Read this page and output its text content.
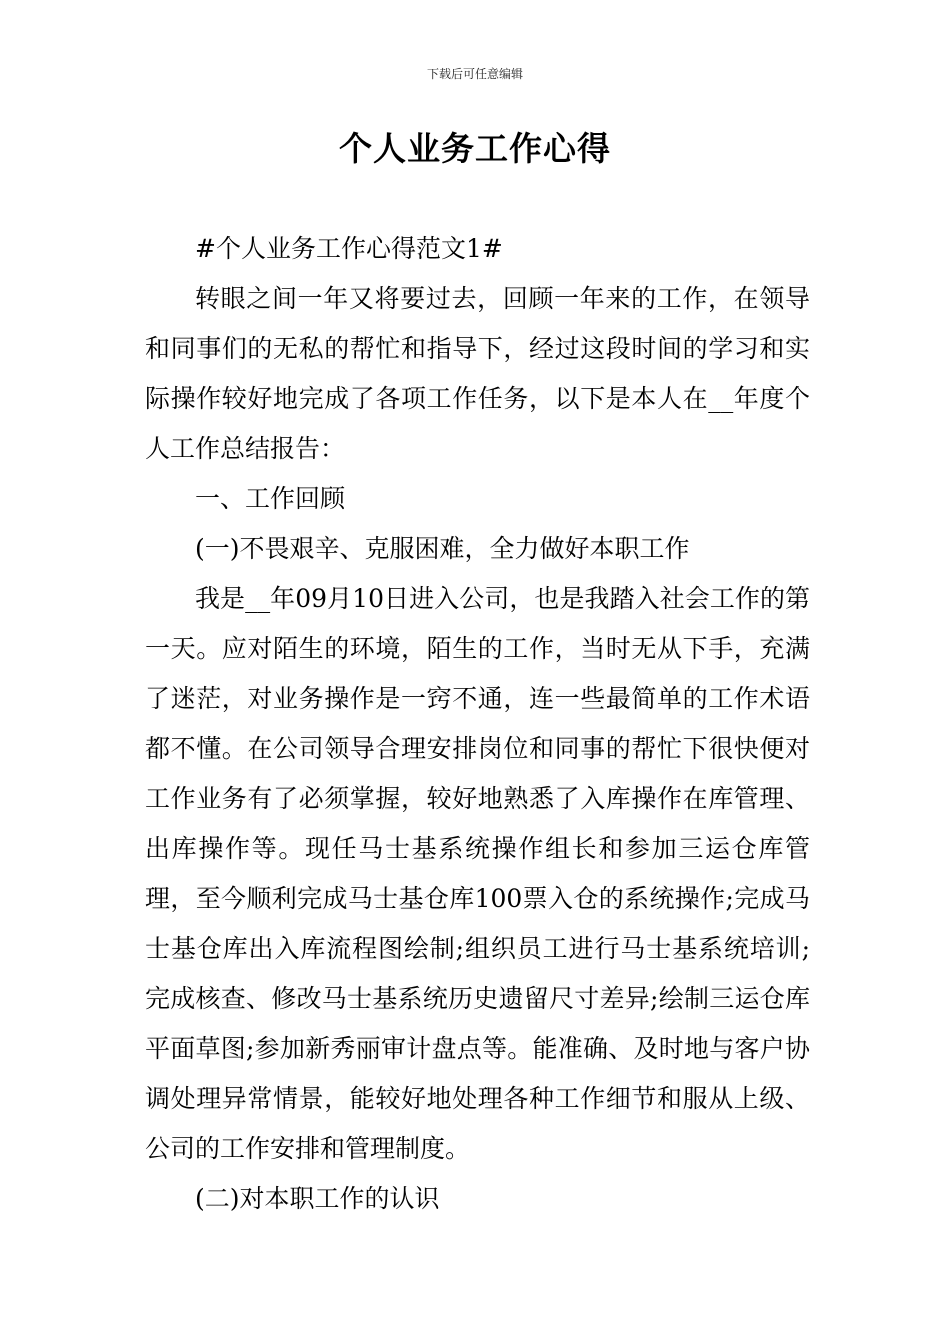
下载后可任意编辑
个人业务工作心得

#个人业务工作心得范文1#

转眼之间一年又将要过去，回顾一年来的工作，在领导和同事们的无私的帮忙和指导下，经过这段时间的学习和实际操作较好地完成了各项工作任务，以下是本人在__年度个人工作总结报告：

一、工作回顾

(一)不畏艰辛、克服困难，全力做好本职工作

我是__年09月10日进入公司，也是我踏入社会工作的第一天。应对陌生的环境，陌生的工作，当时无从下手，充满了迷茫，对业务操作是一窍不通，连一些最简单的工作术语都不懂。在公司领导合理安排岗位和同事的帮忙下很快便对工作业务有了必须掌握，较好地熟悉了入库操作在库管理、出库操作等。现任马士基系统操作组长和参加三运仓库管理，至今顺利完成马士基仓库100票入仓的系统操作;完成马士基仓库出入库流程图绘制;组织员工进行马士基系统培训;完成核查、修改马士基系统历史遗留尺寸差异;绘制三运仓库平面草图;参加新秀丽审计盘点等。能准确、及时地与客户协调处理异常情景，能较好地处理各种工作细节和服从上级、公司的工作安排和管理制度。

(二)对本职工作的认识
